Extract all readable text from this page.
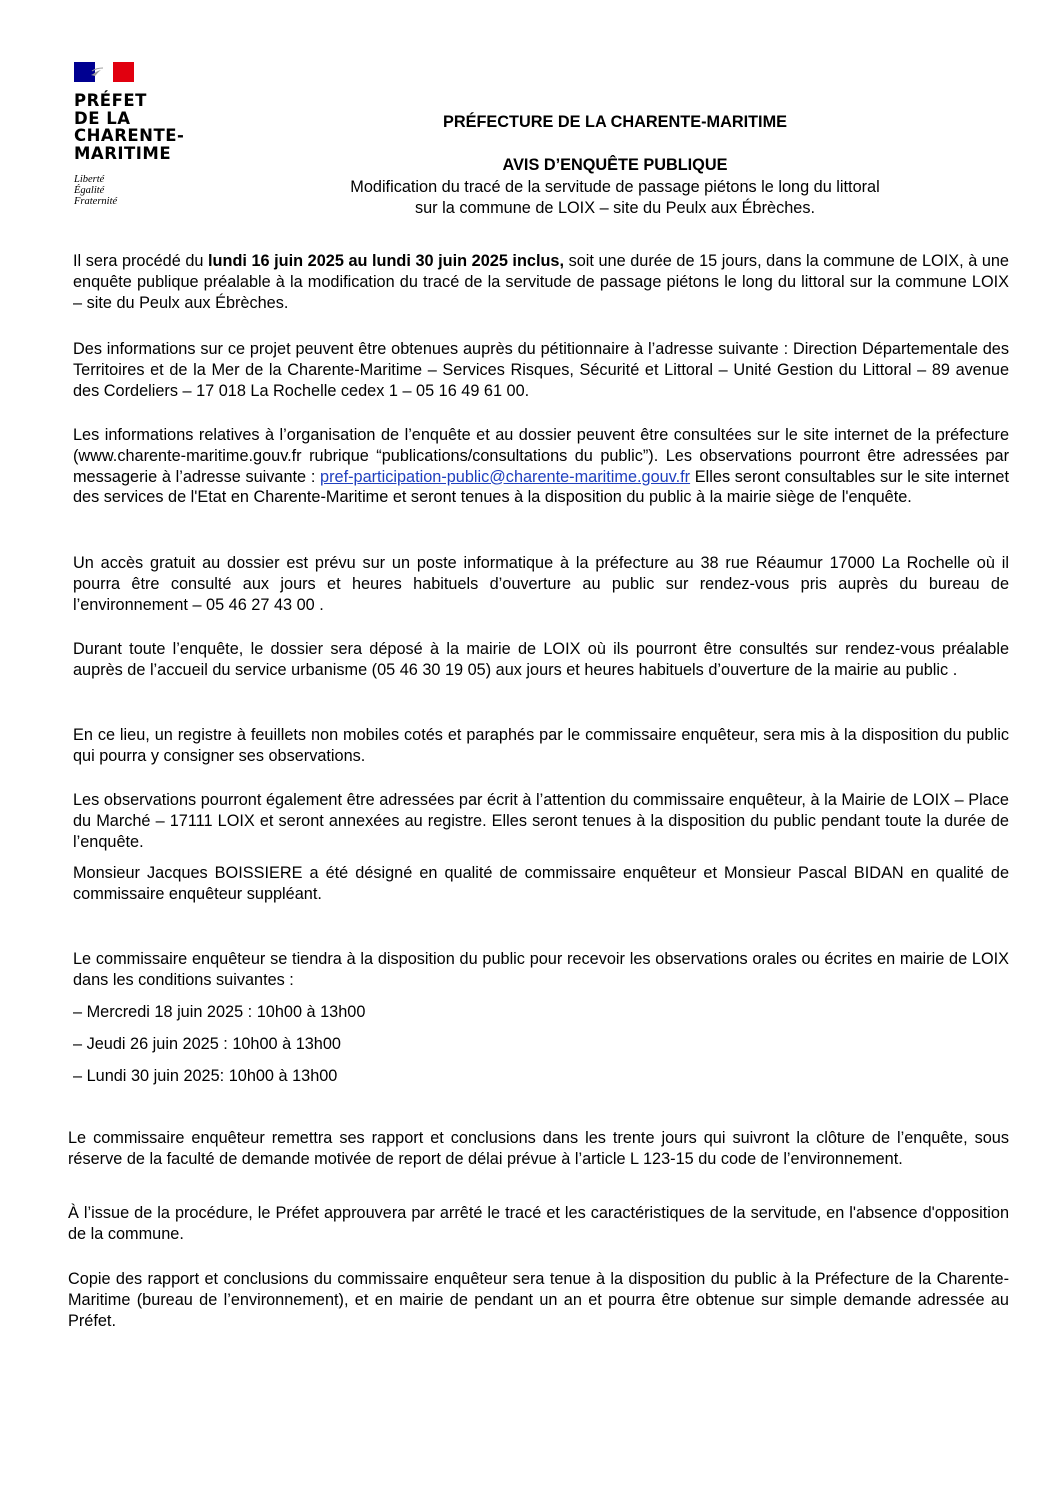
PRÉFET
DE LA
CHARENTE-
MARITIME
Liberté
Égalité
Fraternité
PRÉFECTURE DE LA CHARENTE-MARITIME
AVIS D’ENQUÊTE PUBLIQUE
Modification du tracé de la servitude de passage piétons le long du littoral
sur la commune de LOIX – site du Peulx aux Ébrèches.

Il sera procédé du lundi 16 juin 2025 au lundi 30 juin 2025 inclus, soit une durée de 15 jours, dans la commune de LOIX, à une enquête publique préalable à la modification du tracé de la servitude de passage piétons le long du littoral sur la commune LOIX – site du Peulx aux Ébrèches.

Des informations sur ce projet peuvent être obtenues auprès du pétitionnaire à l’adresse suivante : Direction Départementale des Territoires et de la Mer de la Charente-Maritime – Services Risques, Sécurité et Littoral – Unité Gestion du Littoral – 89 avenue des Cordeliers – 17 018 La Rochelle cedex 1 – 05 16 49 61 00.

Les informations relatives à l’organisation de l’enquête et au dossier peuvent être consultées sur le site internet de la préfecture (www.charente-maritime.gouv.fr rubrique “publications/consultations du public”). Les observations pourront être adressées par messagerie à l’adresse suivante : pref-participation-public@charente-maritime.gouv.fr Elles seront consultables sur le site internet des services de l'Etat en Charente-Maritime et seront tenues à la disposition du public à la mairie siège de l'enquête.

Un accès gratuit au dossier est prévu sur un poste informatique à la préfecture au 38 rue Réaumur 17000 La Rochelle où il pourra être consulté aux jours et heures habituels d’ouverture au public sur rendez-vous pris auprès du bureau de l’environnement – 05 46 27 43 00 .

Durant toute l’enquête, le dossier sera déposé à la mairie de LOIX où ils pourront être consultés sur rendez-vous préalable auprès de l’accueil du service urbanisme (05 46 30 19 05) aux jours et heures habituels d’ouverture de la mairie au public .

En ce lieu, un registre à feuillets non mobiles cotés et paraphés par le commissaire enquêteur, sera mis à la disposition du public qui pourra y consigner ses observations.

Les observations pourront également être adressées par écrit à l’attention du commissaire enquêteur, à la Mairie de LOIX – Place du Marché – 17111 LOIX et seront annexées au registre. Elles seront tenues à la disposition du public pendant toute la durée de l’enquête.

Monsieur Jacques BOISSIERE a été désigné en qualité de commissaire enquêteur et Monsieur Pascal BIDAN en qualité de commissaire enquêteur suppléant.

Le commissaire enquêteur se tiendra à la disposition du public pour recevoir les observations orales ou écrites en mairie de LOIX dans les conditions suivantes :

– Mercredi 18 juin 2025 : 10h00 à 13h00
– Jeudi 26 juin 2025 : 10h00 à 13h00
– Lundi 30 juin 2025: 10h00 à 13h00

Le commissaire enquêteur remettra ses rapport et conclusions dans les trente jours qui suivront la clôture de l’enquête, sous réserve de la faculté de demande motivée de report de délai prévue à l’article L 123-15 du code de l’environnement.

À l’issue de la procédure, le Préfet approuvera par arrêté le tracé et les caractéristiques de la servitude, en l'absence d'opposition de la commune.

Copie des rapport et conclusions du commissaire enquêteur sera tenue à la disposition du public à la Préfecture de la Charente-Maritime (bureau de l’environnement), et en mairie de pendant un an et pourra être obtenue sur simple demande adressée au Préfet.
